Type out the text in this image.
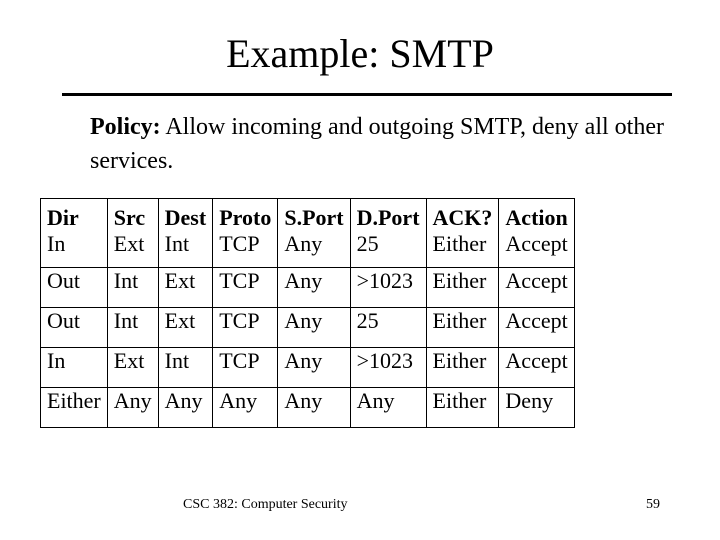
Example: SMTP
Policy: Allow incoming and outgoing SMTP, deny all other services.
Dir	Src	Dest	Proto	S.Port	D.Port	ACK?	Action
In	Ext	Int	TCP	Any	25	Either	Accept
Out	Int	Ext	TCP	Any	>1023	Either	Accept
Out	Int	Ext	TCP	Any	25	Either	Accept
In	Ext	Int	TCP	Any	>1023	Either	Accept
Either	Any	Any	Any	Any	Any	Either	Deny
CSC 382: Computer Security	59
